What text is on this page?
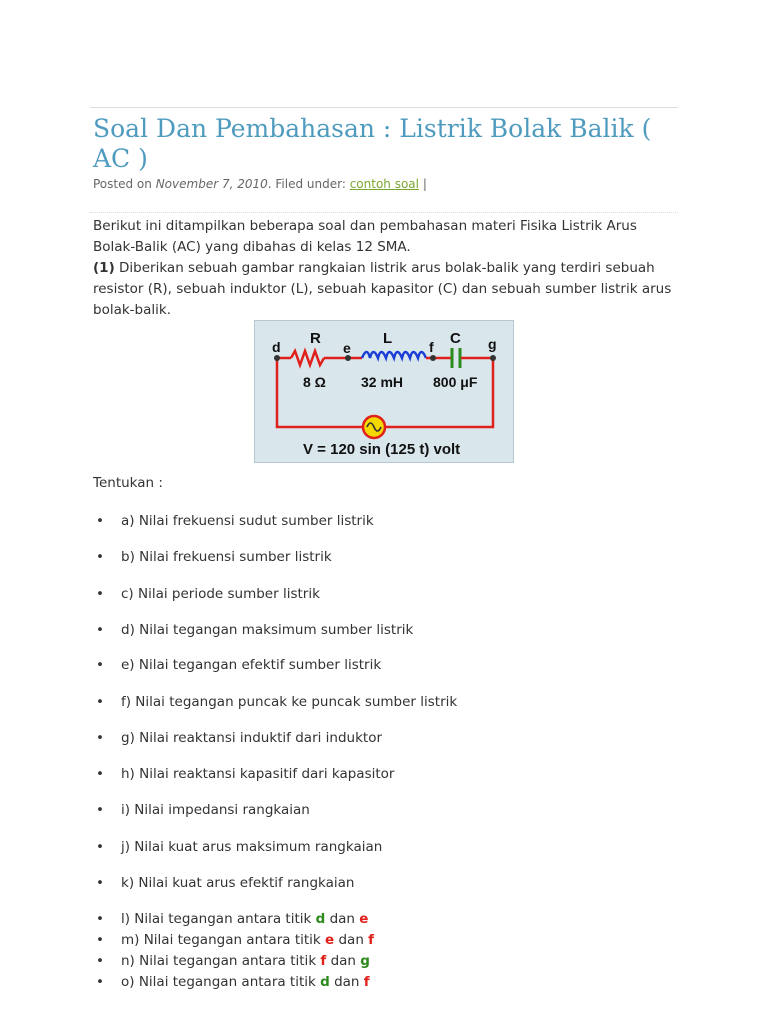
Soal Dan Pembahasan : Listrik Bolak Balik ( AC )
Posted on November 7, 2010. Filed under: contoh soal |

Berikut ini ditampilkan beberapa soal dan pembahasan materi Fisika Listrik Arus Bolak-Balik (AC) yang dibahas di kelas 12 SMA.
(1) Diberikan sebuah gambar rangkaian listrik arus bolak-balik yang terdiri sebuah resistor (R), sebuah induktor (L), sebuah kapasitor (C) dan sebuah sumber listrik arus bolak-balik.

d	e	f	g
R	L	C
8 Ω	32 mH 800 μF
V = 120 sin (125 t) volt
Tentukan :
• a) Nilai frekuensi sudut sumber listrik
• b) Nilai frekuensi sumber listrik
• c) Nilai periode sumber listrik
• d) Nilai tegangan maksimum sumber listrik
• e) Nilai tegangan efektif sumber listrik
• f) Nilai tegangan puncak ke puncak sumber listrik
• g) Nilai reaktansi induktif dari induktor
• h) Nilai reaktansi kapasitif dari kapasitor
• i) Nilai impedansi rangkaian
• j) Nilai kuat arus maksimum rangkaian
• k) Nilai kuat arus efektif rangkaian
• l) Nilai tegangan antara titik d dan e
• m) Nilai tegangan antara titik e dan f
• n) Nilai tegangan antara titik f dan g
• o) Nilai tegangan antara titik d dan f
